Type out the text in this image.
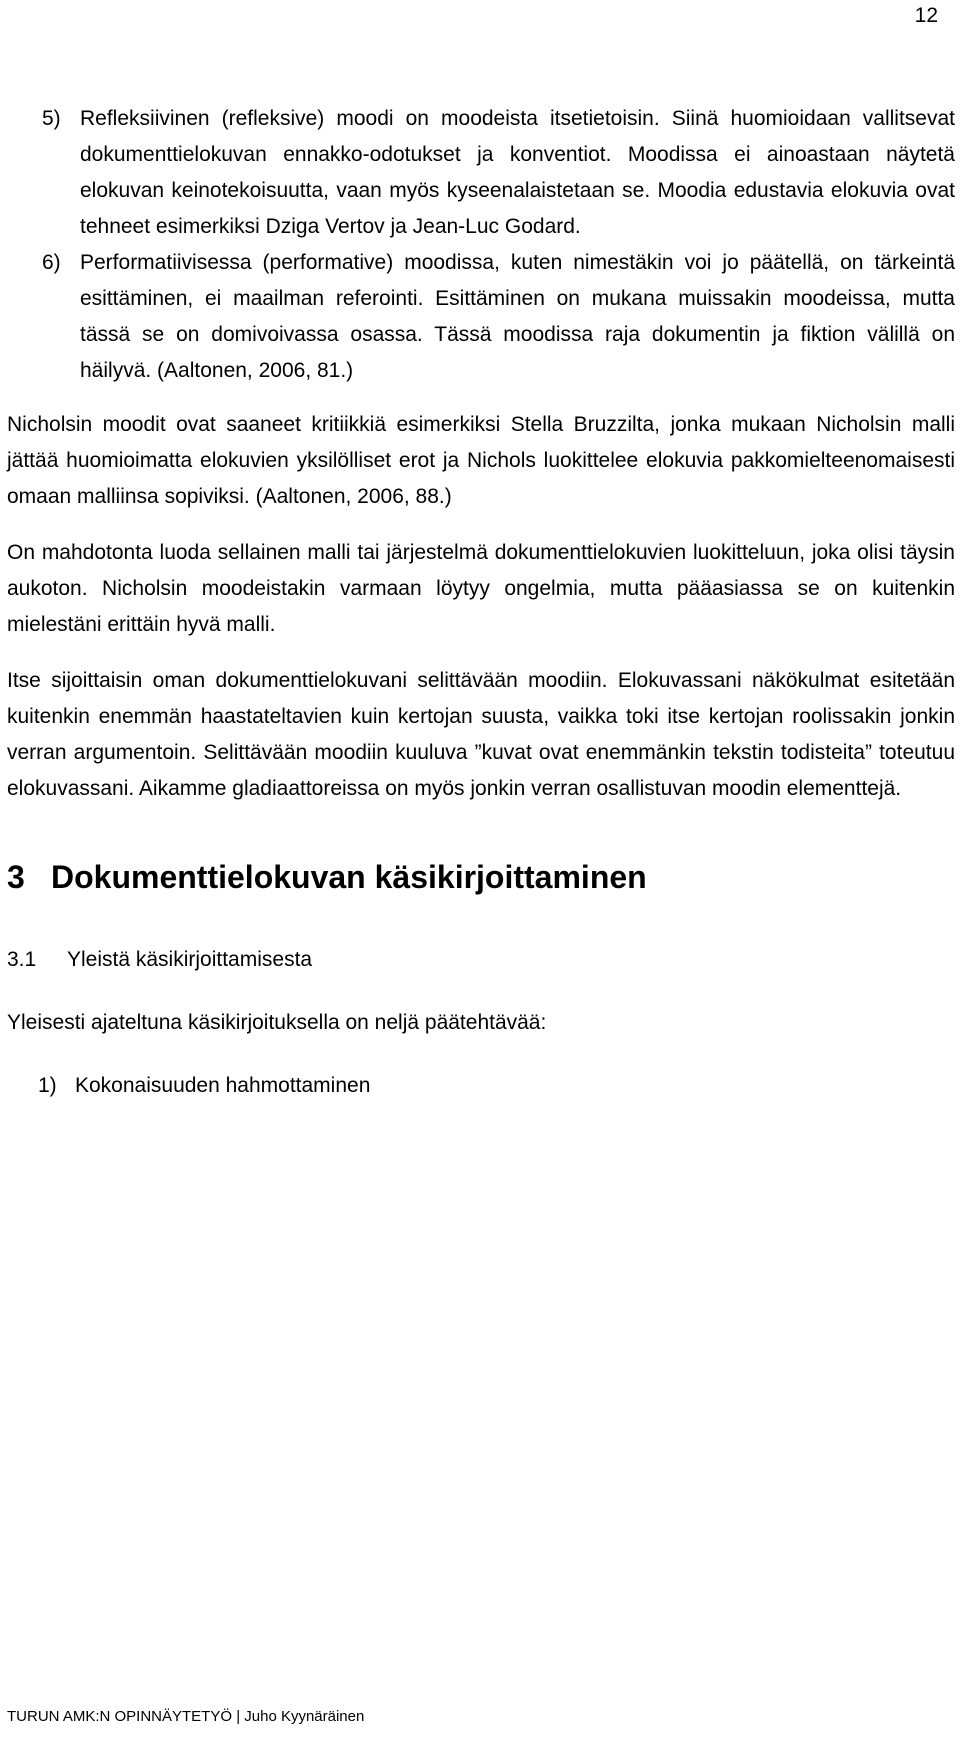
12
5) Refleksiivinen (refleksive) moodi on moodeista itsetietoisin. Siinä huomioidaan vallitsevat dokumenttielokuvan ennakko-odotukset ja konventiot. Moodissa ei ainoastaan näytetä elokuvan keinotekoisuutta, vaan myös kyseenalaistetaan se. Moodia edustavia elokuvia ovat tehneet esimerkiksi Dziga Vertov ja Jean-Luc Godard.
6) Performatiivisessa (performative) moodissa, kuten nimestäkin voi jo päätellä, on tärkeintä esittäminen, ei maailman referointi. Esittäminen on mukana muissakin moodeissa, mutta tässä se on domivoivassa osassa. Tässä moodissa raja dokumentin ja fiktion välillä on häilyvä. (Aaltonen, 2006, 81.)

Nicholsin moodit ovat saaneet kritiikkiä esimerkiksi Stella Bruzzilta, jonka mukaan Nicholsin malli jättää huomioimatta elokuvien yksilölliset erot ja Nichols luokittelee elokuvia pakkomielteenomaisesti omaan malliinsa sopiviksi. (Aaltonen, 2006, 88.)

On mahdotonta luoda sellainen malli tai järjestelmä dokumenttielokuvien luokitteluun, joka olisi täysin aukoton. Nicholsin moodeistakin varmaan löytyy ongelmia, mutta pääasiassa se on kuitenkin mielestäni erittäin hyvä malli.

Itse sijoittaisin oman dokumenttielokuvani selittävään moodiin. Elokuvassani näkökulmat esitetään kuitenkin enemmän haastateltavien kuin kertojan suusta, vaikka toki itse kertojan roolissakin jonkin verran argumentoin. Selittävään moodiin kuuluva ”kuvat ovat enemmänkin tekstin todisteita” toteutuu elokuvassani. Aikamme gladiaattoreissa on myös jonkin verran osallistuvan moodin elementtejä.

3 Dokumenttielokuvan käsikirjoittaminen
3.1	Yleistä käsikirjoittamisesta
Yleisesti ajateltuna käsikirjoituksella on neljä päätehtävää:
1) Kokonaisuuden hahmottaminen
TURUN AMK:N OPINNÄYTETYÖ | Juho Kyynäräinen
